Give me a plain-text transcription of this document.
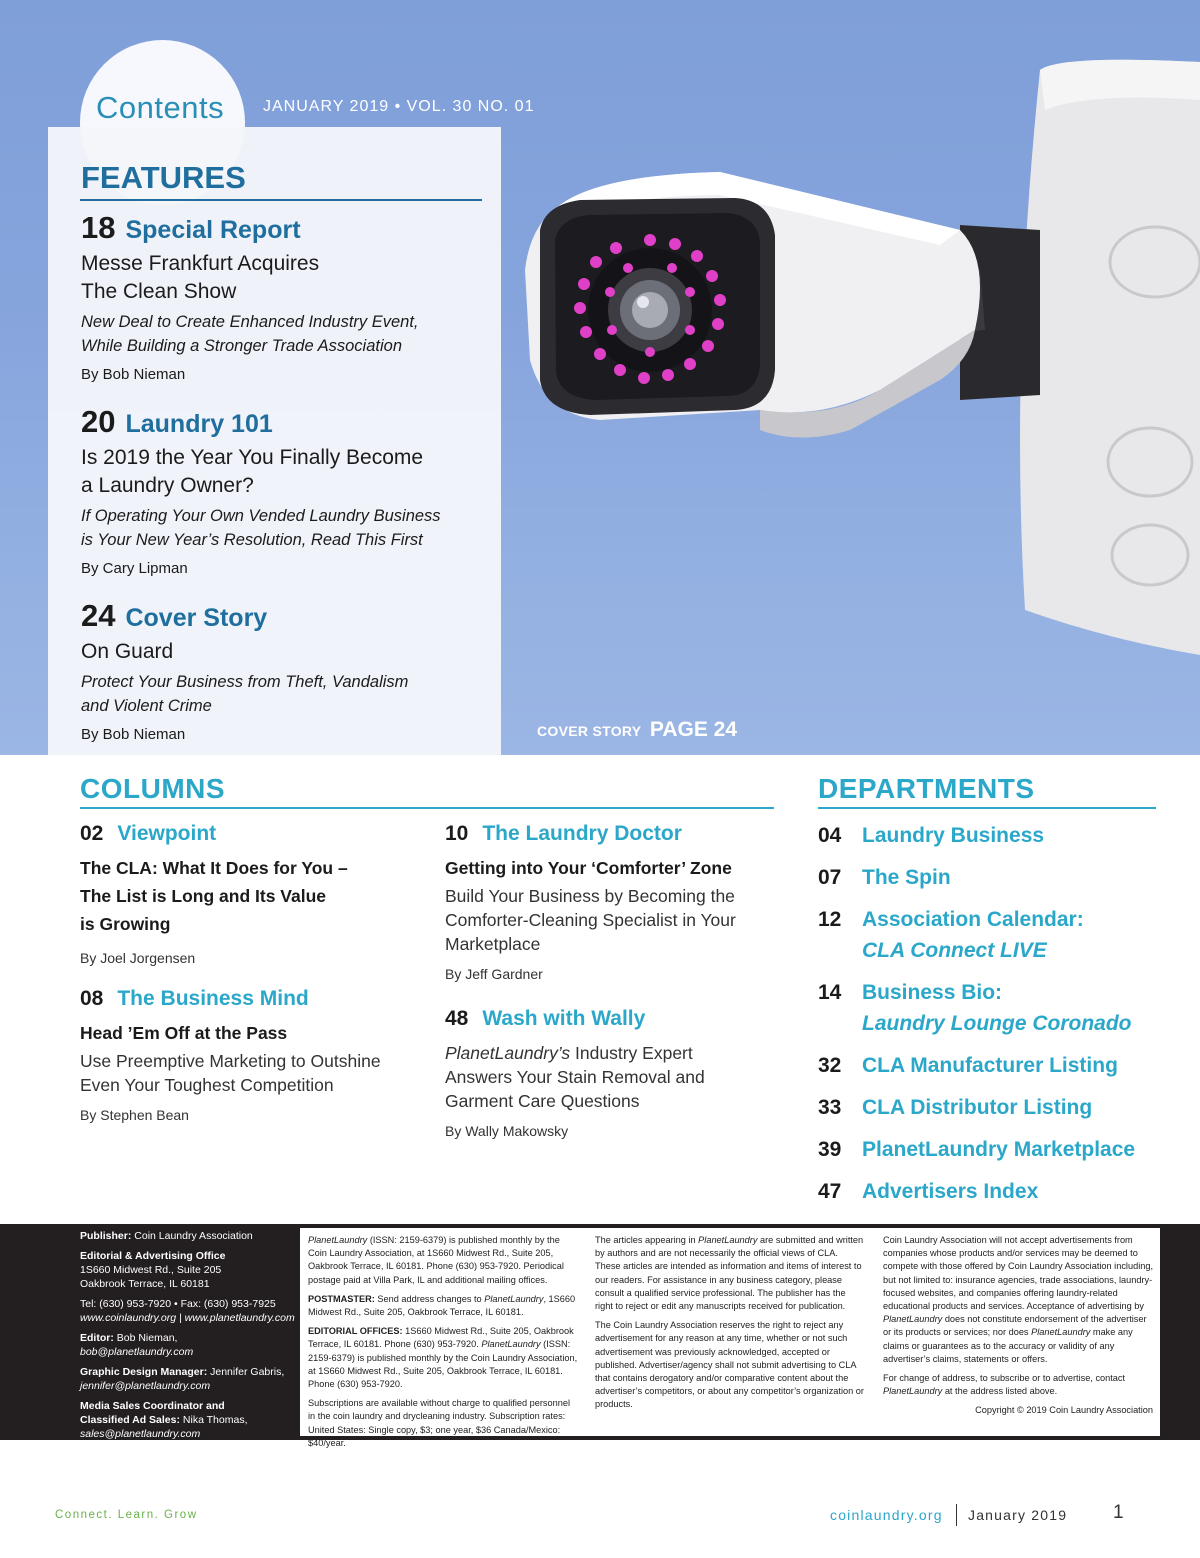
Contents JANUARY 2019 • VOL. 30 NO. 01
FEATURES
18 Special Report
Messe Frankfurt Acquires
The Clean Show
New Deal to Create Enhanced Industry Event,
While Building a Stronger Trade Association
By Bob Nieman
20 Laundry 101
Is 2019 the Year You Finally Become
a Laundry Owner?
If Operating Your Own Vended Laundry Business
is Your New Year’s Resolution, Read This First
By Cary Lipman
24 Cover Story
On Guard
Protect Your Business from Theft, Vandalism
and Violent Crime
By Bob Nieman	COVER STORY PAGE 24
COLUMNS
02 Viewpoint
The CLA: What It Does for You –
The List is Long and Its Value
is Growing
By Joel Jorgensen
08 The Business Mind
Head ’Em Off at the Pass
Use Preemptive Marketing to Outshine
Even Your Toughest Competition
By Stephen Bean
10 The Laundry Doctor
Getting into Your ‘Comforter’ Zone
Build Your Business by Becoming the
Comforter-Cleaning Specialist in Your
Marketplace
By Jeff Gardner
48 Wash with Wally
PlanetLaundry’s Industry Expert
Answers Your Stain Removal and
Garment Care Questions
By Wally Makowsky
DEPARTMENTS
04 Laundry Business
07 The Spin
12 Association Calendar:
CLA Connect LIVE
14 Business Bio:
Laundry Lounge Coronado
32 CLA Manufacturer Listing
33 CLA Distributor Listing
39 PlanetLaundry Marketplace
47 Advertisers Index
Publisher: Coin Laundry Association
Editorial & Advertising Office
1S660 Midwest Rd., Suite 205
Oakbrook Terrace, IL 60181
Tel: (630) 953-7920 • Fax: (630) 953-7925
www.coinlaundry.org | www.planetlaundry.com
Editor: Bob Nieman,
bob@planetlaundry.com
Graphic Design Manager: Jennifer Gabris,
jennifer@planetlaundry.com
Media Sales Coordinator and
Classified Ad Sales: Nika Thomas,
sales@planetlaundry.com

PlanetLaundry (ISSN: 2159-6379) is published monthly by the Coin Laundry Association, at 1S660 Midwest Rd., Suite 205, Oakbrook Terrace, IL 60181. Phone (630) 953-7920. Periodical postage paid at Villa Park, IL and additional mailing offices.

POSTMASTER: Send address changes to PlanetLaundry, 1S660 Midwest Rd., Suite 205, Oakbrook Terrace, IL 60181.

EDITORIAL OFFICES: 1S660 Midwest Rd., Suite 205, Oakbrook Terrace, IL 60181. Phone (630) 953-7920. PlanetLaundry (ISSN: 2159-6379) is published monthly by the Coin Laundry Association, at 1S660 Midwest Rd., Suite 205, Oakbrook Terrace, IL 60181. Phone (630) 953-7920.

Subscriptions are available without charge to qualified personnel in the coin laundry and drycleaning industry. Subscription rates: United States: Single copy, $3; one year, $36 Canada/Mexico: $40/year.

The articles appearing in PlanetLaundry are submitted and written by authors and are not necessarily the official views of CLA. These articles are intended as information and items of interest to our readers. For assistance in any business category, please consult a qualified service professional. The publisher has the right to reject or edit any manuscripts received for publication.

The Coin Laundry Association reserves the right to reject any advertisement for any reason at any time, whether or not such advertisement was previously acknowledged, accepted or published. Advertiser/agency shall not submit advertising to CLA that contains derogatory and/or comparative content about the advertiser’s competitors, or about any competitor’s organization or products.

Coin Laundry Association will not accept advertisements from companies whose products and/or services may be deemed to compete with those offered by Coin Laundry Association including, but not limited to: insurance agencies, trade associations, laundry-focused websites, and companies offering laundry-related educational products and services. Acceptance of advertising by PlanetLaundry does not constitute endorsement of the advertiser or its products or services; nor does PlanetLaundry make any claims or guarantees as to the accuracy or validity of any advertiser’s claims, statements or offers.

For change of address, to subscribe or to advertise, contact PlanetLaundry at the address listed above.

Copyright © 2019 Coin Laundry Association

Connect. Learn. Grow	coinlaundry.org January 2019 1
